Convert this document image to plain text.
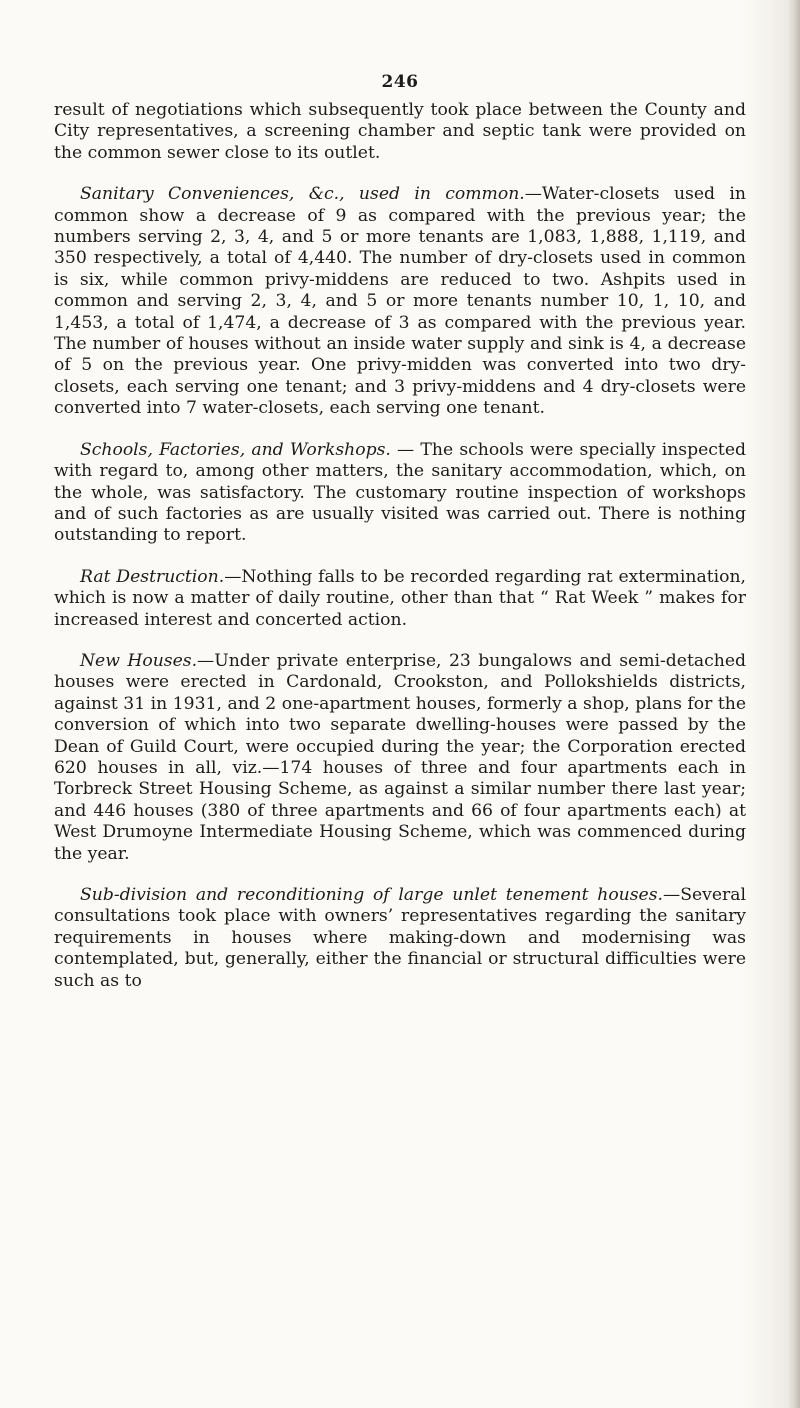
246

result of negotiations which subsequently took place between the County and City representatives, a screening chamber and septic tank were provided on the common sewer close to its outlet.

Sanitary Conveniences, &c., used in common.—Water-closets used in common show a decrease of 9 as compared with the previous year; the numbers serving 2, 3, 4, and 5 or more tenants are 1,083, 1,888, 1,119, and 350 respectively, a total of 4,440. The number of dry-closets used in common is six, while common privy-middens are reduced to two. Ashpits used in common and serving 2, 3, 4, and 5 or more tenants number 10, 1, 10, and 1,453, a total of 1,474, a decrease of 3 as compared with the previous year. The number of houses without an inside water supply and sink is 4, a decrease of 5 on the previous year. One privy-midden was converted into two dry-closets, each serving one tenant; and 3 privy-middens and 4 dry-closets were converted into 7 water-closets, each serving one tenant.

Schools, Factories, and Workshops. — The schools were specially inspected with regard to, among other matters, the sanitary accommodation, which, on the whole, was satisfactory. The customary routine inspection of workshops and of such factories as are usually visited was carried out. There is nothing outstanding to report.

Rat Destruction.—Nothing falls to be recorded regarding rat extermination, which is now a matter of daily routine, other than that “ Rat Week ” makes for increased interest and concerted action.

New Houses.—Under private enterprise, 23 bungalows and semi-detached houses were erected in Cardonald, Crookston, and Pollokshields districts, against 31 in 1931, and 2 one-apartment houses, formerly a shop, plans for the conversion of which into two separate dwelling-houses were passed by the Dean of Guild Court, were occupied during the year; the Corporation erected 620 houses in all, viz.—174 houses of three and four apartments each in Torbreck Street Housing Scheme, as against a similar number there last year; and 446 houses (380 of three apartments and 66 of four apartments each) at West Drumoyne Intermediate Housing Scheme, which was commenced during the year.

Sub-division and reconditioning of large unlet tenement houses.—Several consultations took place with owners’ representatives regarding the sanitary requirements in houses where making-down and modernising was contemplated, but, generally, either the financial or structural difficulties were such as to
